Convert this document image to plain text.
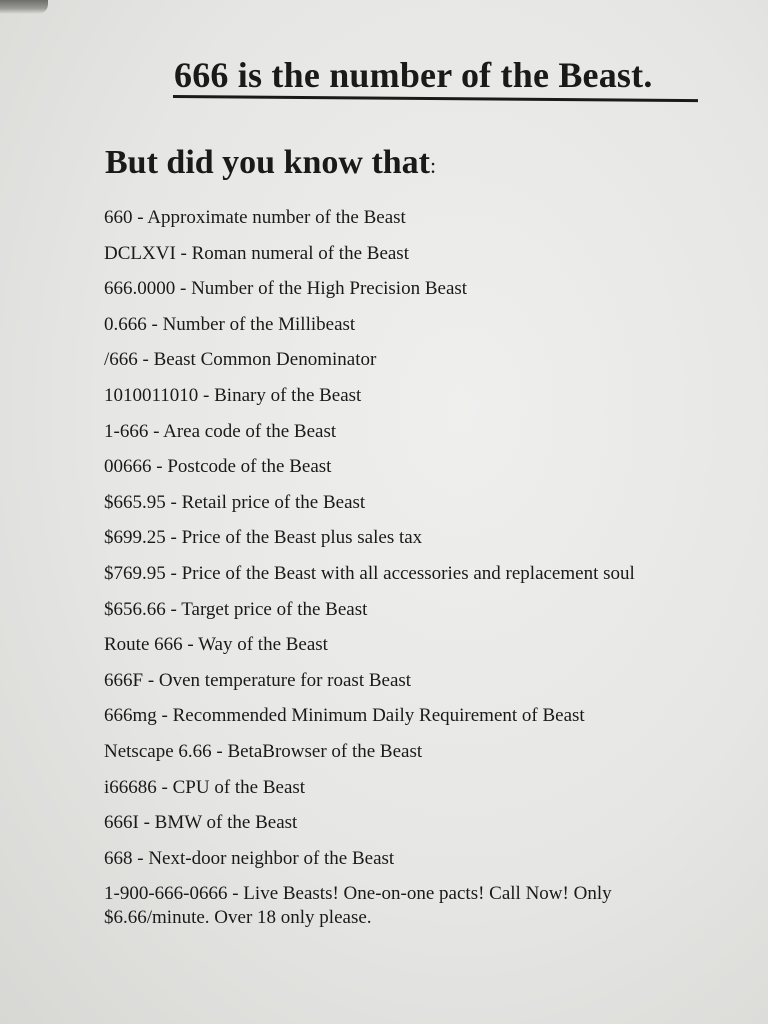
666 is the number of the Beast.
But did you know that:
660 - Approximate number of the Beast
DCLXVI - Roman numeral of the Beast
666.0000 - Number of the High Precision Beast
0.666 - Number of the Millibeast
/666 - Beast Common Denominator
1010011010 - Binary of the Beast
1-666 - Area code of the Beast
00666 - Postcode of the Beast
$665.95 - Retail price of the Beast
$699.25 - Price of the Beast plus sales tax
$769.95 - Price of the Beast with all accessories and replacement soul
$656.66 - Target price of the Beast
Route 666 - Way of the Beast
666F - Oven temperature for roast Beast
666mg - Recommended Minimum Daily Requirement of Beast
Netscape 6.66 - BetaBrowser of the Beast
i66686 - CPU of the Beast
666I - BMW of the Beast
668 - Next-door neighbor of the Beast
1-900-666-0666 - Live Beasts! One-on-one pacts! Call Now! Only $6.66/minute. Over 18 only please.
